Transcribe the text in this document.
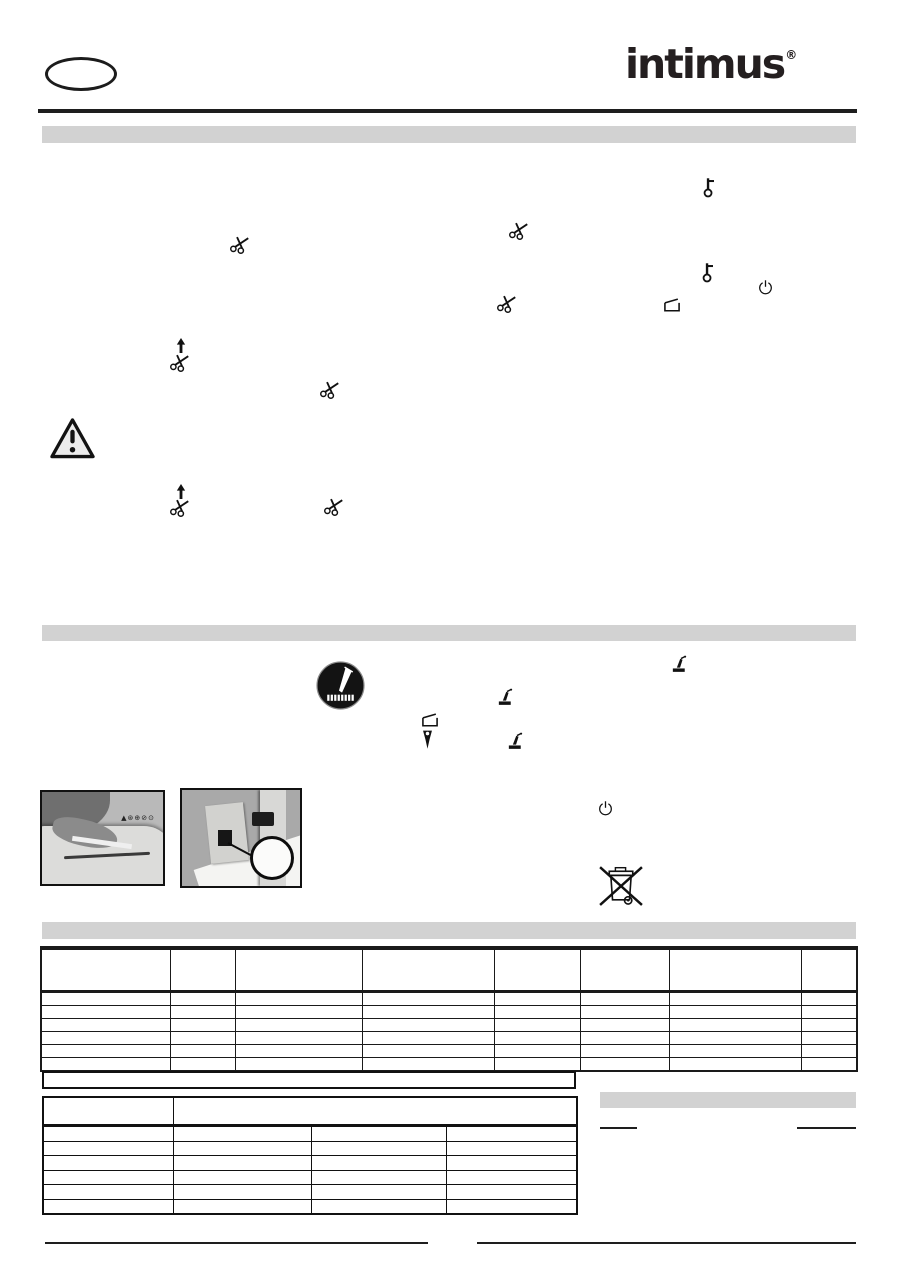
intimus®
▲⊛⊕⊘⊙
